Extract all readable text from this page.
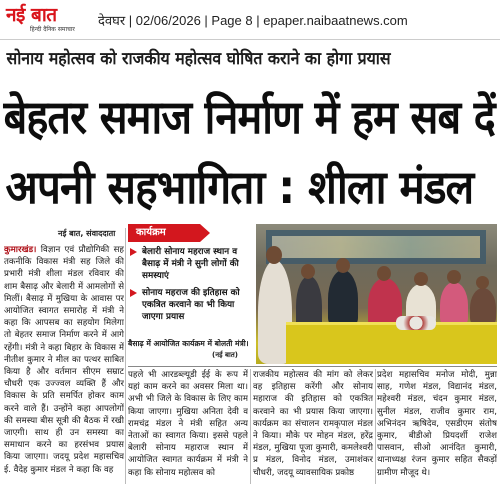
नई बात
हिन्दी दैनिक समाचार
देवघर | 02/06/2026 | Page 8 | epaper.naibaatnews.com
सोनाय महोत्सव को राजकीय महोत्सव घोषित कराने का होगा प्रयास
बेहतर समाज निर्माण में हम सब दें
अपनी सहभागिता : शीला मंडल
नई बात, संवाददाता
कुमारखंड। विज्ञान एवं प्रौद्योगिकी सह तकनीकि विकास मंत्री सह जिले की प्रभारी मंत्री शीला मंडल रविवार की शाम बैसाढ़ और बेलारी में आमलोगों से मिलीं। बैसाढ़ में मुखिया के आवास पर आयोजित स्वागत समारोह में मंत्री ने कहा कि आपसब का सहयोग मिलेगा तो बेहतर समाज निर्माण करने में आगे रहेंगी। मंत्री ने कहा बिहार के विकास में नीतीश कुमार ने मील का पत्थर साबित किया है और वर्तमान सीएम सम्राट चौधरी एक उज्ज्वल व्यक्ति हैं और विकास के प्रति समर्पित होकर काम करने वाले हैं। उन्होंने कहा आपलोगों की समस्या बीस सूत्री की बैठक में रखी जाएगी। साथ ही उन समस्या का समाधान करने का हरसंभव प्रयास किया जाएगा। जदयू प्रदेश महासचिव ई. वैदेह कुमार मंडल ने कहा कि वह
कार्यक्रम
बेलारी सोनाय महराज स्थान व बैसाढ़ में मंत्री ने सुनी लोगों की समस्याएं
सोनाय महराज की इतिहास को एकत्रित करवाने का भी किया जाएगा प्रयास
बैसाढ़ में आयोजित कार्यक्रम में बोलती मंत्री।
(नई बात)
पहले भी आरडब्ल्यूडी ईई के रूप में यहां काम करने का अवसर मिला था। अभी भी जिले के विकास के लिए काम किया जाएगा। मुखिया अनिता देवी व रामचंद्र मंडल ने मंत्री सहित अन्य नेताओं का स्वागत किया। इससे पहले बेलारी सोनाय महाराज स्थान में आयोजित स्वागत कार्यक्रम में मंत्री ने कहा कि सोनाय महोत्सव को
राजकीय महोत्सव की मांग को लेकर वह इतिहास करेंगी और सोनाय महाराज की इतिहास को एकत्रित करवाने का भी प्रयास किया जाएगा। कार्यक्रम का संचालन रामकृपाल मंडल ने किया। मौके पर मोहन मंडल, हरेंद्र मंडल, मुखिया पूजा कुमारी, कमलेश्वरी प्र मंडल, विनोद मंडल, उमाशंकर चौधरी, जदयू व्यावसायिक प्रकोष्ठ
प्रदेश महासचिव मनोज मोदी, मुन्ना साह, गणेश मंडल, विद्यानंद मंडल, महेश्वरी मंडल, चंदन कुमार मंडल, सुनील मंडल, राजीव कुमार राम, अभिनंदन ऋषिदेव, एसडीएम संतोष कुमार, बीडीओ प्रियदर्शी राजेश पासवान, सीओ आनंदित कुमारी, थानाध्यक्ष रंजन कुमार सहित सैकड़ों ग्रामीण मौजूद थे।
